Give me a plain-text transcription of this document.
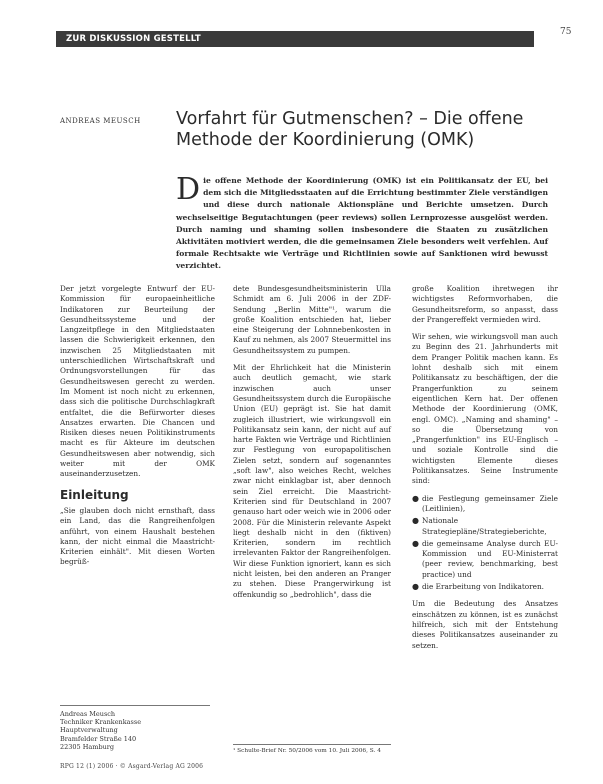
ZUR DISKUSSION GESTELLT
75
ANDREAS MEUSCH Vorfahrt für Gutmenschen? – Die offene Methode der Koordinierung (OMK)
D ie offene Methode der Koordinierung (OMK) ist ein Politikansatz der EU, bei dem sich die Mitgliedsstaaten auf die Errichtung bestimmter Ziele verständigen und diese durch nationale Aktionspläne und Berichte umsetzen. Durch wechselseitige Begutachtungen (peer reviews) sollen Lernprozesse ausgelöst werden. Durch naming und shaming sollen insbesondere die Staaten zu zusätzlichen Aktivitäten motiviert werden, die die gemeinsamen Ziele besonders weit verfehlen. Auf formale Rechtsakte wie Verträge und Richtlinien sowie auf Sanktionen wird bewusst verzichtet.

Der jetzt vorgelegte Entwurf der EU-Kommission für europaeinheitliche Indikatoren zur Beurteilung der Gesundheitssysteme und der Langzeitpflege in den Mitgliedstaaten lassen die Schwierigkeit erkennen, den inzwischen 25 Mitgliedstaaten mit unterschiedlichen Wirtschaftskraft und Ordnungsvorstellungen für das Gesundheitswesen gerecht zu werden. Im Moment ist noch nicht zu erkennen, dass sich die politische Durchschlagkraft entfaltet, die die Befürworter dieses Ansatzes erwarten. Die Chancen und Risiken dieses neuen Politikinstruments macht es für Akteure im deutschen Gesundheitswesen aber notwendig, sich weiter mit der OMK auseinanderzusetzen.

Einleitung

„Sie glauben doch nicht ernsthaft, dass ein Land, das die Rangreihenfolgen anführt, von einem Haushalt bestehen kann, der nicht einmal die Maastricht-Kriterien einhält". Mit diesen Worten begrüß-

dete Bundesgesundheitsministerin Ulla Schmidt am 6. Juli 2006 in der ZDF-Sendung „Berlin Mitte"¹, warum die große Koalition entschieden hat, lieber eine Steigerung der Lohnnebenkosten in Kauf zu nehmen, als 2007 Steuermittel ins Gesundheitssystem zu pumpen.

Mit der Ehrlichkeit hat die Ministerin auch deutlich gemacht, wie stark inzwischen auch unser Gesundheitssystem durch die Europäische Union (EU) geprägt ist. Sie hat damit zugleich illustriert, wie wirkungsvoll ein Politikansatz sein kann, der nicht auf auf harte Fakten wie Verträge und Richtlinien zur Festlegung von europapolitischen Zielen setzt, sondern auf sogenanntes „soft law", also weiches Recht, welches zwar nicht einklagbar ist, aber dennoch sein Ziel erreicht. Die Maastricht-Kriterien sind für Deutschland in 2007 genauso hart oder weich wie in 2006 oder 2008. Für die Ministerin relevante Aspekt liegt deshalb nicht in den (fiktiven) Kriterien, sondern im rechtlich irrelevanten Faktor der Rangreihenfolgen. Wir diese Funktion ignoriert, kann es sich nicht leisten, bei den anderen an Pranger zu stehen. Diese Prangerwirkung ist offenkundig so „bedrohlich", dass die

große Koalition ihretwegen ihr wichtigstes Reformvorhaben, die Gesundheitsreform, so anpasst, dass der Prangereffekt vermieden wird.

Wir sehen, wie wirkungsvoll man auch zu Beginn des 21. Jahrhunderts mit dem Pranger Politik machen kann. Es lohnt deshalb sich mit einem Politikansatz zu beschäftigen, der die Prangerfunktion zu seinem eigentlichen Kern hat. Der offenen Methode der Koordinierung (OMK, engl. OMC). „Naming and shaming" – so die Übersetzung von „Prangerfunktion" ins EU-Englisch – und soziale Kontrolle sind die wichtigsten Elemente dieses Politikansatzes. Seine Instrumente sind:

● die Festlegung gemeinsamer Ziele (Leitlinien),
● Nationale Strategiepläne/Strategieberichte,
● die gemeinsame Analyse durch EU-Kommission und EU-Ministerrat (peer review, benchmarking, best practice) und
● die Erarbeitung von Indikatoren.

Um die Bedeutung des Ansatzes einschätzen zu können, ist es zunächst hilfreich, sich mit der Entstehung dieses Politikansatzes auseinander zu setzen.

Andreas Meusch
Techniker Krankenkasse
Hauptverwaltung
Bramfelder Straße 140
22305 Hamburg
¹ Schulte-Brief Nr. 50/2006 vom 10. Juli 2006, S. 4
RPG 12 (1) 2006 · © Asgard-Verlag AG 2006
